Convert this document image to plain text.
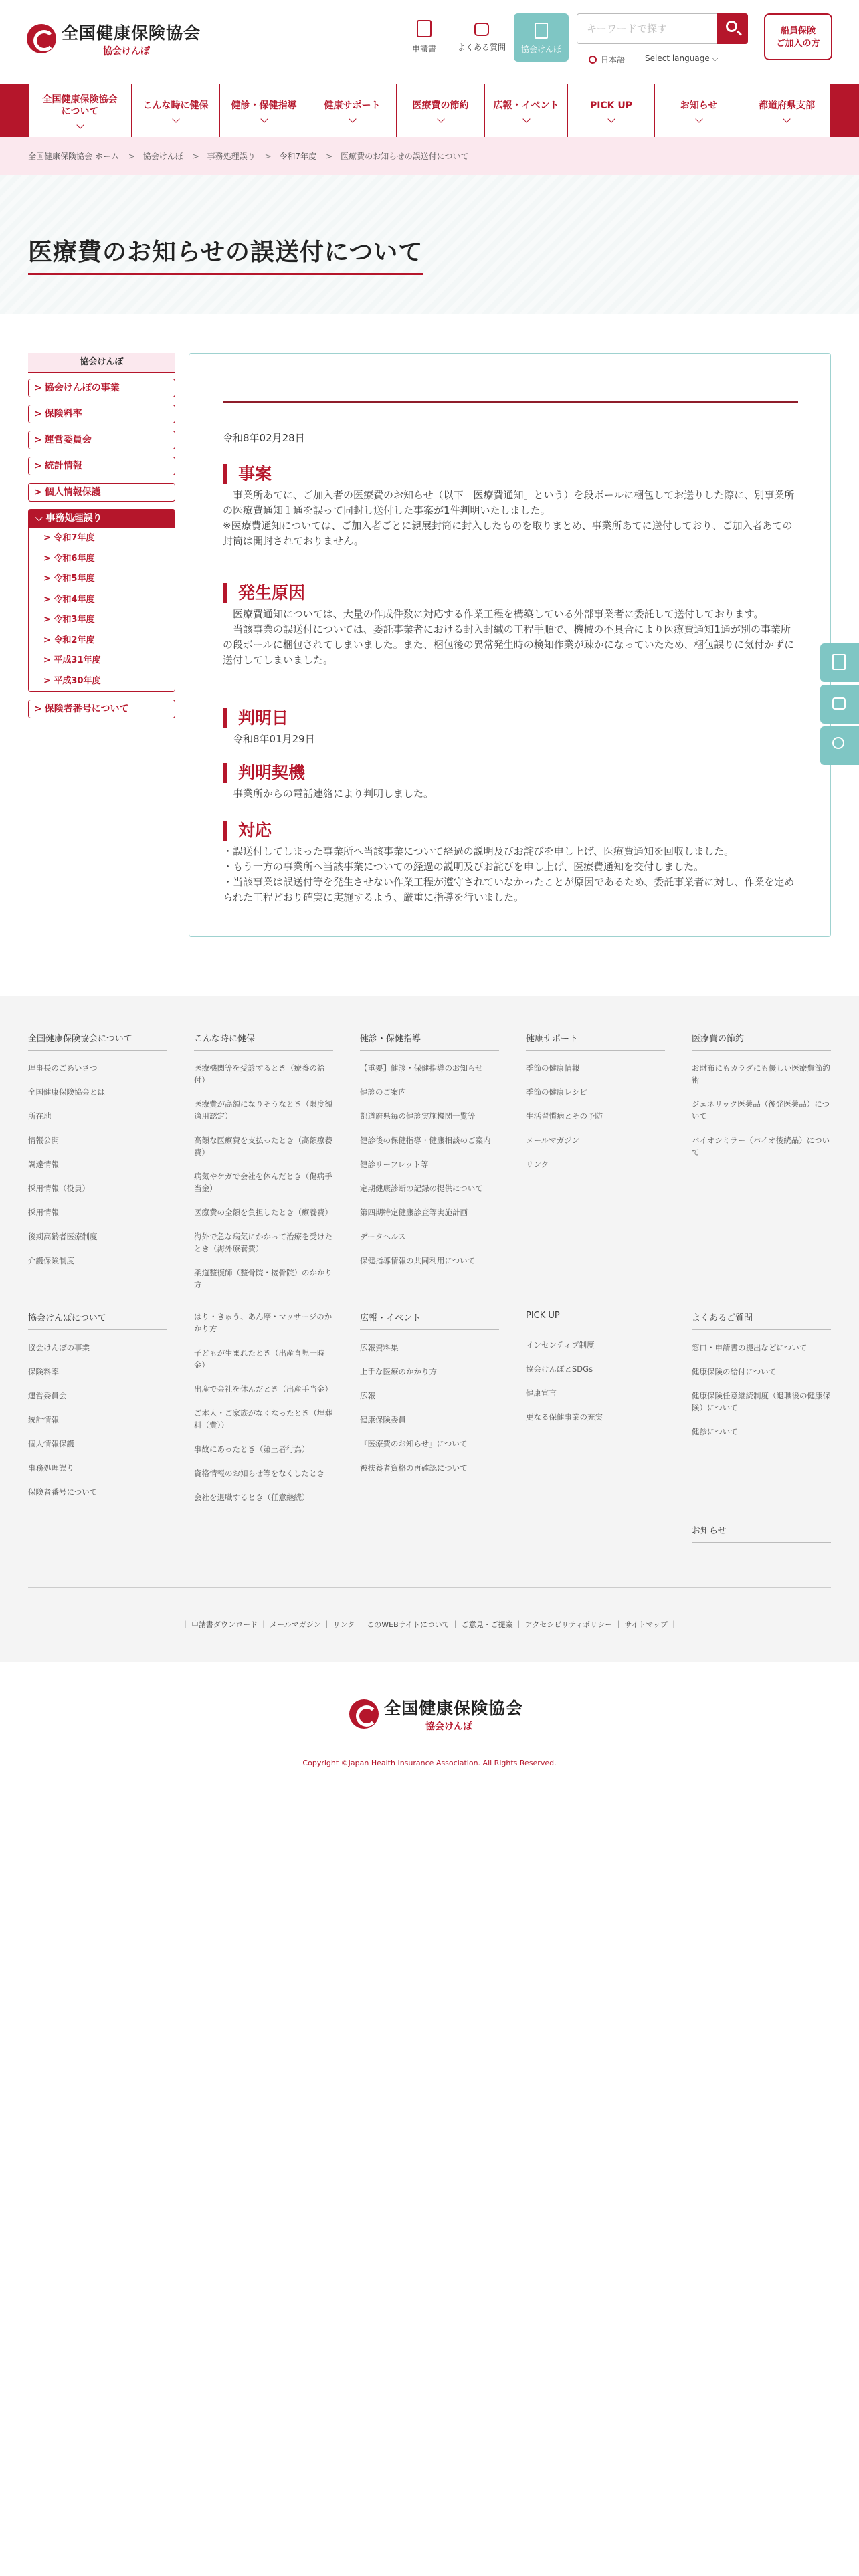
全国健康保険協会
協会けんぽ	申請書	よくある質問	協会けんぽ
キーワードで探す
日本語 Select language ⌵
船員保険
ご加入の方
全国健康保険協会
について
こんな時に健保 健診・保健指導	健康サポート	医療費の節約	広報・イベント	PICK UP	お知らせ	都道府県支部
全国健康保険協会 ホーム > 協会けんぽ > 事務処理誤り > 令和7年度 > 医療費のお知らせの誤送付について
医療費のお知らせの誤送付について
協会けんぽ
> 協会けんぽの事業
> 保険料率
> 運営委員会
> 統計情報
> 個人情報保護
⌵ 事務処理誤り
> 令和7年度
> 令和6年度
> 令和5年度
> 令和4年度
> 令和3年度
> 令和2年度
> 平成31年度
> 平成30年度
> 保険者番号について
令和8年02月28日
事案

　事業所あてに、ご加入者の医療費のお知らせ（以下「医療費通知」という）を段ボールに梱包してお送りした際に、別事業所の医療費通知１通を誤って同封し送付した事案が1件判明いたしました。

※医療費通知については、ご加入者ごとに親展封筒に封入したものを取りまとめ、事業所あてに送付しており、ご加入者あての封筒は開封されておりません。

発生原因

　医療費通知については、大量の作成件数に対応する作業工程を構築している外部事業者に委託して送付しております。

　当該事業の誤送付については、委託事業者における封入封緘の工程手順で、機械の不具合により医療費通知1通が別の事業所の段ボールに梱包されてしまいました。また、梱包後の異常発生時の検知作業が疎かになっていたため、梱包誤りに気付かずに送付してしまいました。

判明日

　令和8年01月29日

判明契機

　事業所からの電話連絡により判明しました。

対応
・誤送付してしまった事業所へ当該事業について経過の説明及びお詫びを申し上げ、医療費通知を回収しました。
・もう一方の事業所へ当該事業についての経過の説明及びお詫びを申し上げ、医療費通知を交付しました。
・当該事業は誤送付等を発生させない作業工程が遵守されていなかったことが原因であるため、委託事業者に対し、作業を定められた工程どおり確実に実施するよう、厳重に指導を行いました。
全国健康保険協会について
理事長のごあいさつ
全国健康保険協会とは
所在地
情報公開
調達情報
採用情報（役員）
採用情報
後期高齢者医療制度
介護保険制度
こんな時に健保
医療機関等を受診するとき（療養の給付）
医療費が高額になりそうなとき（限度額適用認定）
高額な医療費を支払ったとき（高額療養費）
病気やケガで会社を休んだとき（傷病手当金）
医療費の全額を負担したとき（療養費）
海外で急な病気にかかって治療を受けたとき（海外療養費）
柔道整復師（整骨院・接骨院）のかかり方
健診・保健指導
【重要】健診・保健指導のお知らせ
健診のご案内
都道府県毎の健診実施機関一覧等
健診後の保健指導・健康相談のご案内
健診リーフレット等
定期健康診断の記録の提供について
第四期特定健康診査等実施計画
データヘルス
保健指導情報の共同利用について
健康サポート
季節の健康情報
季節の健康レシピ
生活習慣病とその予防
メールマガジン
リンク
医療費の節約
お財布にもカラダにも優しい医療費節約術
ジェネリック医薬品（後発医薬品）について
バイオシミラー（バイオ後続品）について
協会けんぽについて
協会けんぽの事業
保険料率
運営委員会
統計情報
個人情報保護
事務処理誤り
保険者番号について
はり・きゅう、あん摩・マッサージのかかり方
子どもが生まれたとき（出産育児一時金）
出産で会社を休んだとき（出産手当金）
ご本人・ご家族がなくなったとき（埋葬料（費））
事故にあったとき（第三者行為）
資格情報のお知らせ等をなくしたとき
会社を退職するとき（任意継続）
広報・イベント
広報資料集
上手な医療のかかり方
広報
健康保険委員
『医療費のお知らせ』について
被扶養者資格の再確認について
PICK UP
インセンティブ制度
協会けんぽとSDGs
健康宣言
更なる保健事業の充実
よくあるご質問
窓口・申請書の提出などについて
健康保険の給付について
健康保険任意継続制度（退職後の健康保険）について
健診について
お知らせ
｜ 申請書ダウンロード ｜ メールマガジン ｜ リンク ｜ このWEBサイトについて ｜ ご意見・ご提案 ｜ アクセシビリティポリシー ｜ サイトマップ ｜
全国健康保険協会
協会けんぽ
Copyright ©Japan Health Insurance Association. All Rights Reserved.
